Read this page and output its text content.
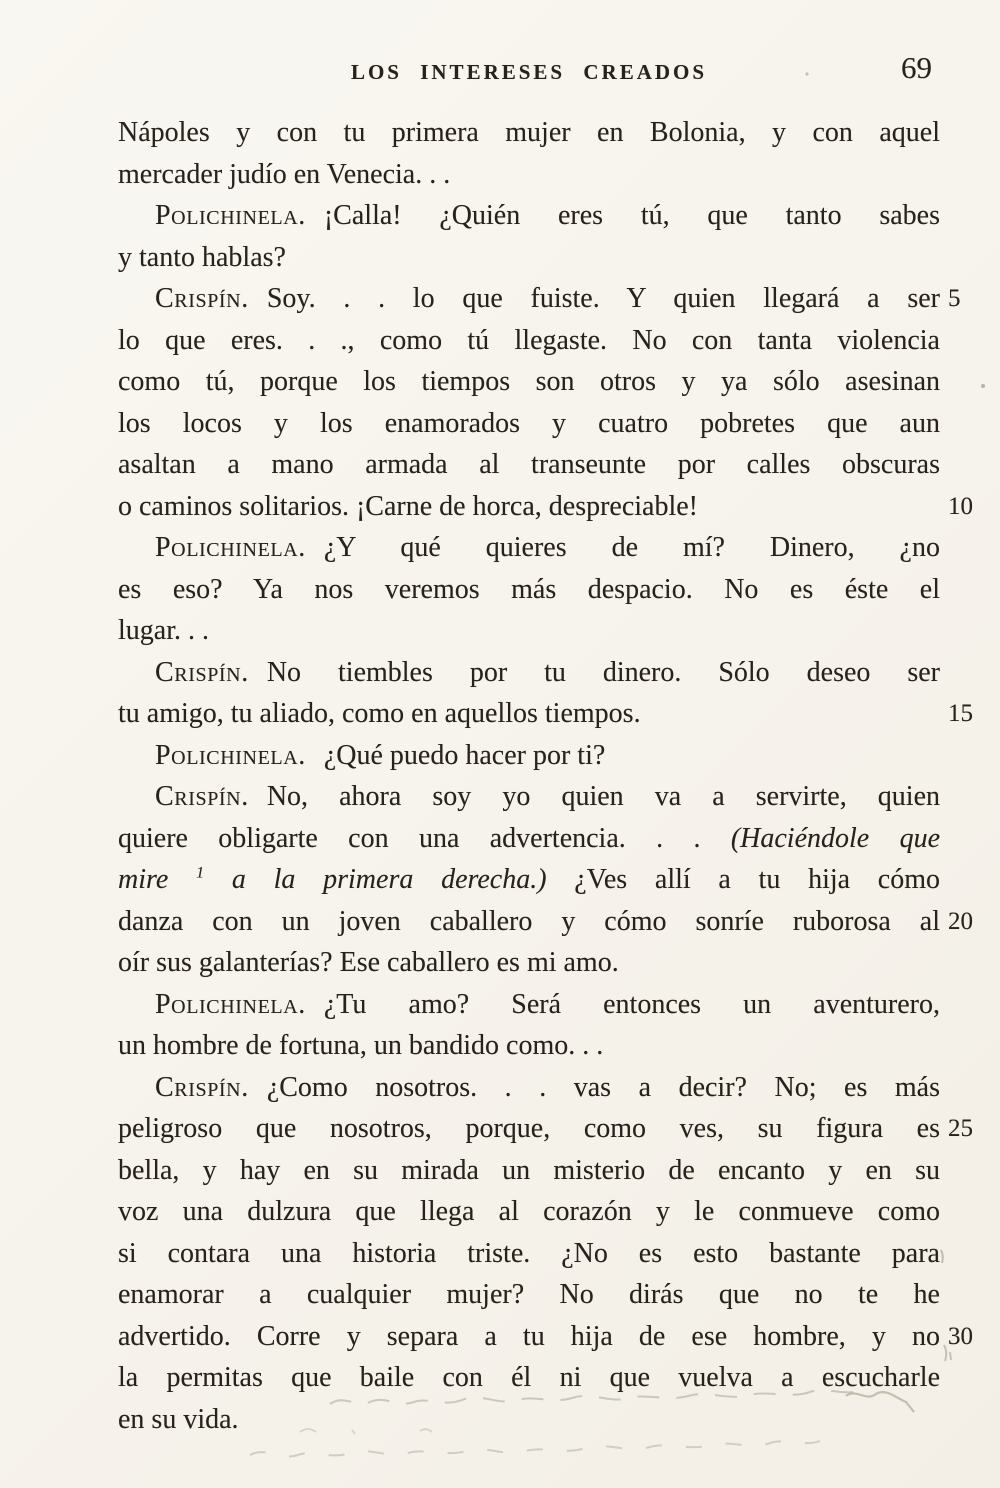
LOS INTERESES CREADOS	69
Nápoles y con tu primera mujer en Bolonia, y con aquel
mercader judío en Venecia. . .
Polichinela. ¡Calla! ¿Quién eres tú, que tanto sabes
y tanto hablas?
Crispín. Soy. . . lo que fuiste. Y quien llegará a ser 5
lo que eres. . ., como tú llegaste. No con tanta violencia
como tú, porque los tiempos son otros y ya sólo asesinan
los locos y los enamorados y cuatro pobretes que aun
asaltan a mano armada al transeunte por calles obscuras
o caminos solitarios. ¡Carne de horca, despreciable!	10
Polichinela. ¿Y qué quieres de mí? Dinero, ¿no
es eso? Ya nos veremos más despacio. No es éste el
lugar. . .
Crispín. No tiembles por tu dinero. Sólo deseo ser
tu amigo, tu aliado, como en aquellos tiempos.	15
Polichinela. ¿Qué puedo hacer por ti?
Crispín. No, ahora soy yo quien va a servirte, quien
quiere obligarte con una advertencia. . . (Haciéndole que
mire $^1$ a la primera derecha.) ¿Ves allí a tu hija cómo
danza con un joven caballero y cómo sonríe ruborosa al 20
oír sus galanterías? Ese caballero es mi amo.
Polichinela. ¿Tu amo? Será entonces un aventurero,
un hombre de fortuna, un bandido como. . .
Crispín. ¿Como nosotros. . . vas a decir? No; es más
peligroso que nosotros, porque, como ves, su figura es 25
bella, y hay en su mirada un misterio de encanto y en su
voz una dulzura que llega al corazón y le conmueve como
si contara una historia triste. ¿No es esto bastante para
enamorar a cualquier mujer? No dirás que no te he
advertido. Corre y separa a tu hija de ese hombre, y no 30
la permitas que baile con él ni que vuelva a escucharle
en su vida.
